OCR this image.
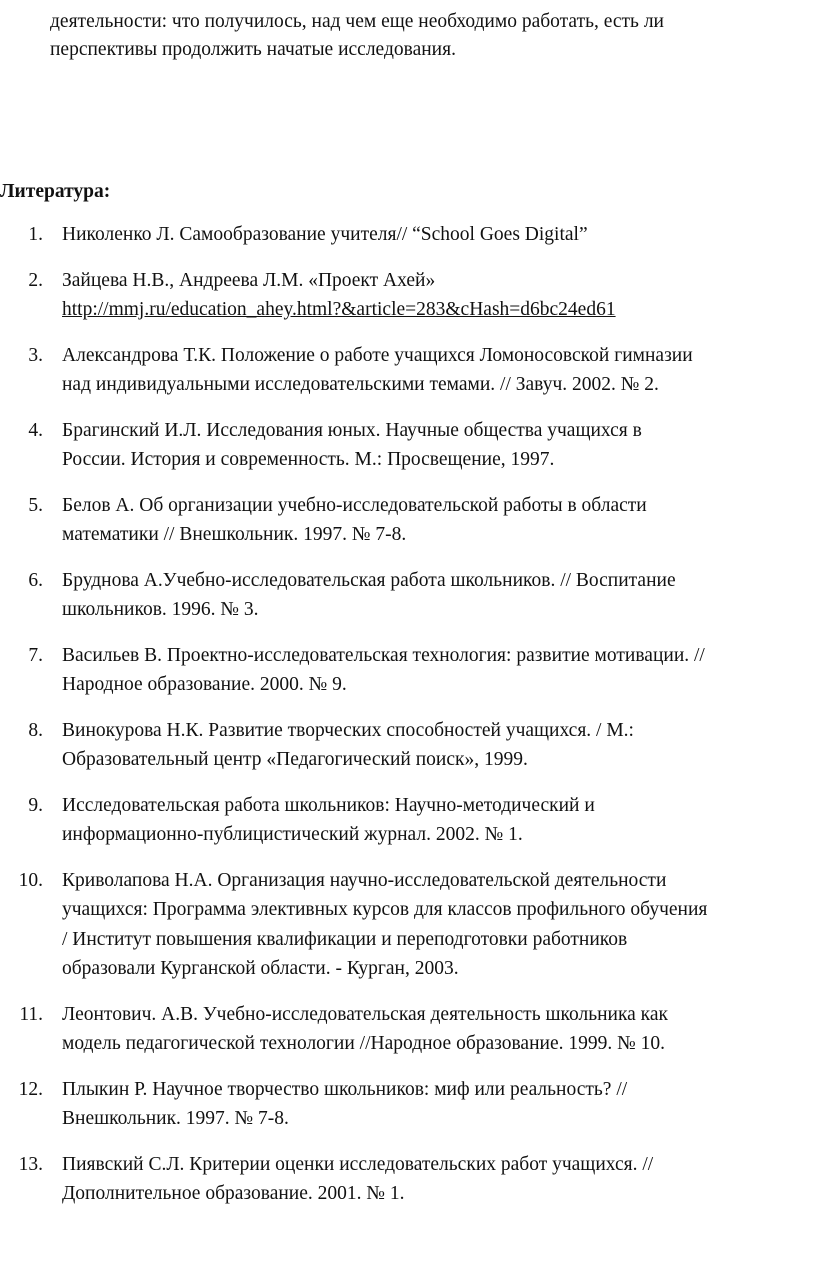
деятельности: что получилось, над чем еще необходимо работать, есть ли
перспективы продолжить начатые исследования.

Литература:

1. Николенко Л. Самообразование учителя// “School Goes Digital”
2. Зайцева Н.В., Андреева Л.М. «Проект Ахей»
http://mmj.ru/education_ahey.html?&article=283&cHash=d6bc24ed61
3. Александрова Т.К. Положение о работе учащихся Ломоносовской гимназии
над индивидуальными исследовательскими темами. // Завуч. 2002. № 2.
4. Брагинский И.Л. Исследования юных. Научные общества учащихся в
России. История и современность. М.: Просвещение, 1997.
5. Белов А. Об организации учебно-исследовательской работы в области
математики // Внешкольник. 1997. № 7-8.
6. Бруднова А.Учебно-исследовательская работа школьников. // Воспитание
школьников. 1996. № 3.
7. Васильев В. Проектно-исследовательская технология: развитие мотивации. //
Народное образование. 2000. № 9.
8. Винокурова Н.К. Развитие творческих способностей учащихся. / М.:
Образовательный центр «Педагогический поиск», 1999.
9. Исследовательская работа школьников: Научно-методический и
информационно-публицистический журнал. 2002. № 1.
10. Криволапова Н.А. Организация научно-исследовательской деятельности
учащихся: Программа элективных курсов для классов профильного обучения
/ Институт повышения квалификации и переподготовки работников
образовали Курганской области. - Курган, 2003.
11. Леонтович. А.В. Учебно-исследовательская деятельность школьника как
модель педагогической технологии //Народное образование. 1999. № 10.
12. Плыкин Р. Научное творчество школьников: миф или реальность? //
Внешкольник. 1997. № 7-8.
13. Пиявский С.Л. Критерии оценки исследовательских работ учащихся. //
Дополнительное образование. 2001. № 1.
